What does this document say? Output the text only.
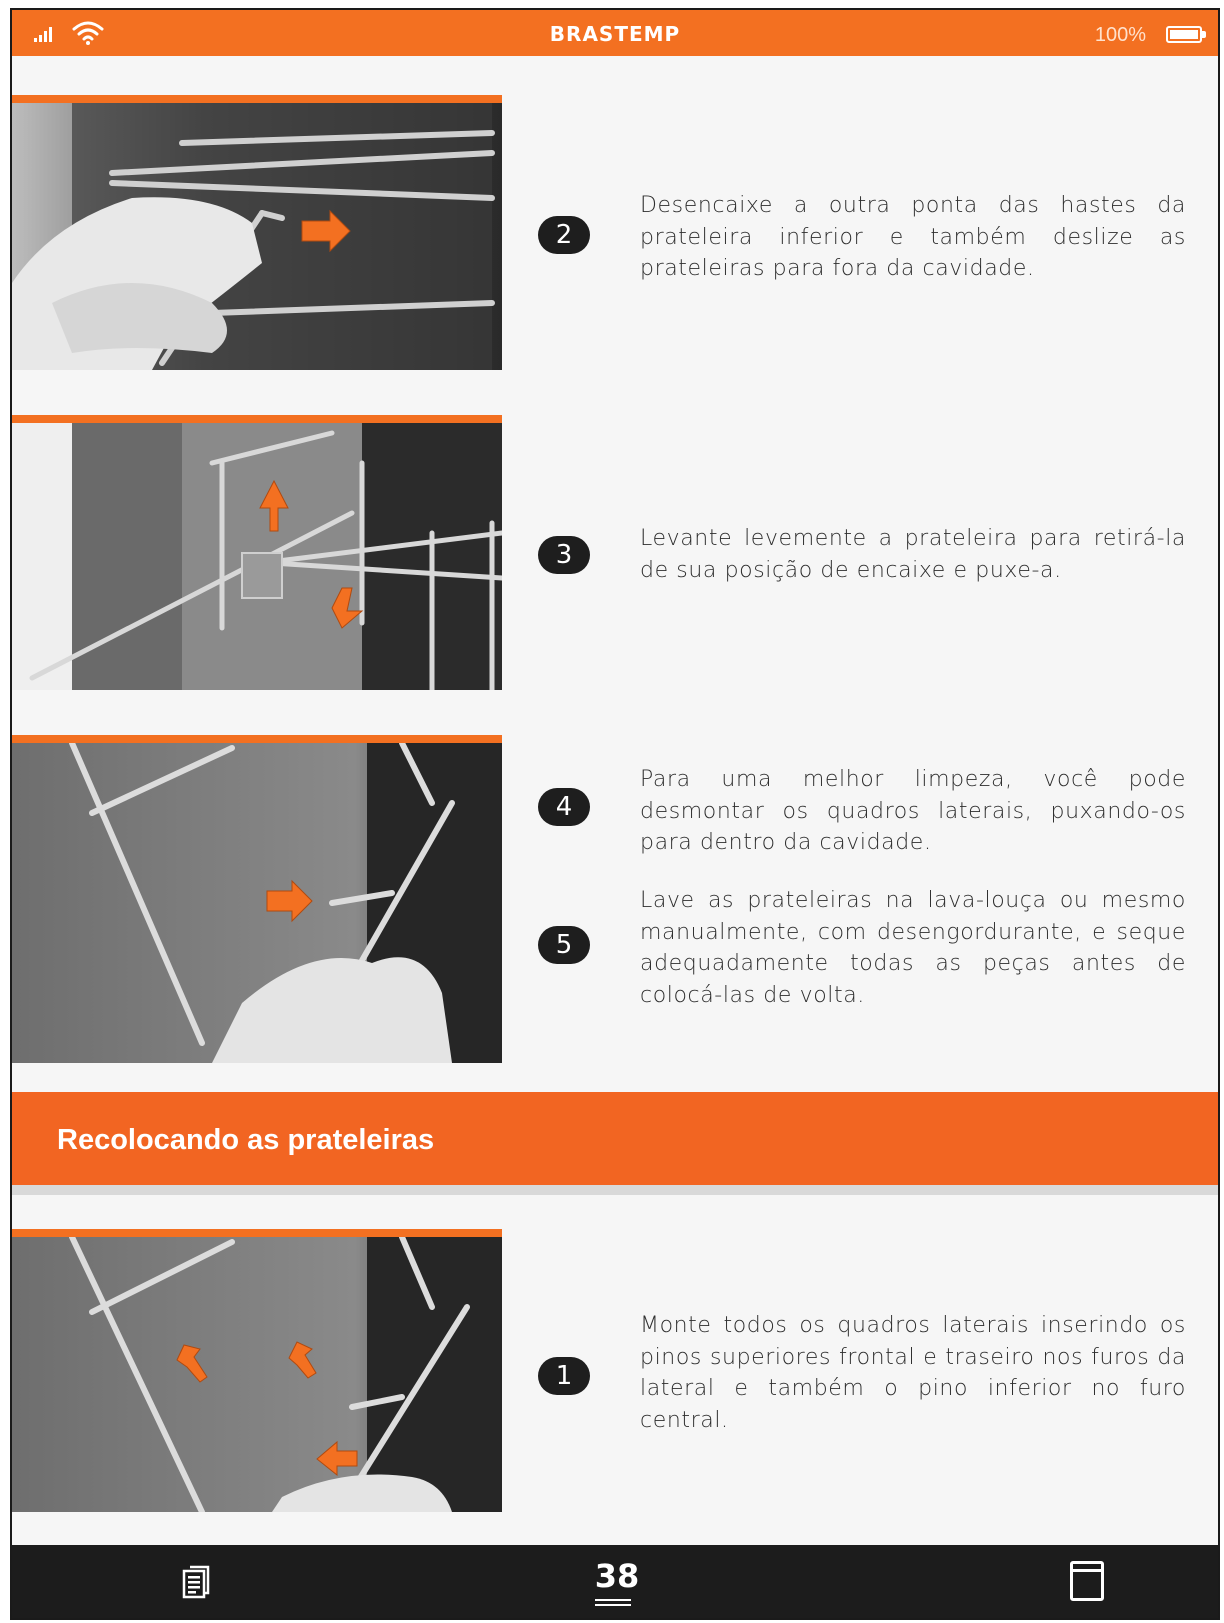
BRASTEMP	100%
2
Desencaixe a outra ponta das hastes da prateleira inferior e também deslize as prateleiras para fora da cavidade.
3
Levante levemente a prateleira para retirá-la de sua posição de encaixe e puxe-a.
4
Para uma melhor limpeza, você pode desmontar os quadros laterais, puxando-os para dentro da cavidade.
5
Lave as prateleiras na lava-louça ou mesmo manualmente, com desengordurante, e seque adequadamente todas as peças antes de colocá-las de volta.
Recolocando as prateleiras
1
Monte todos os quadros laterais inserindo os pinos superiores frontal e traseiro nos furos da lateral e também o pino inferior no furo central.
38
